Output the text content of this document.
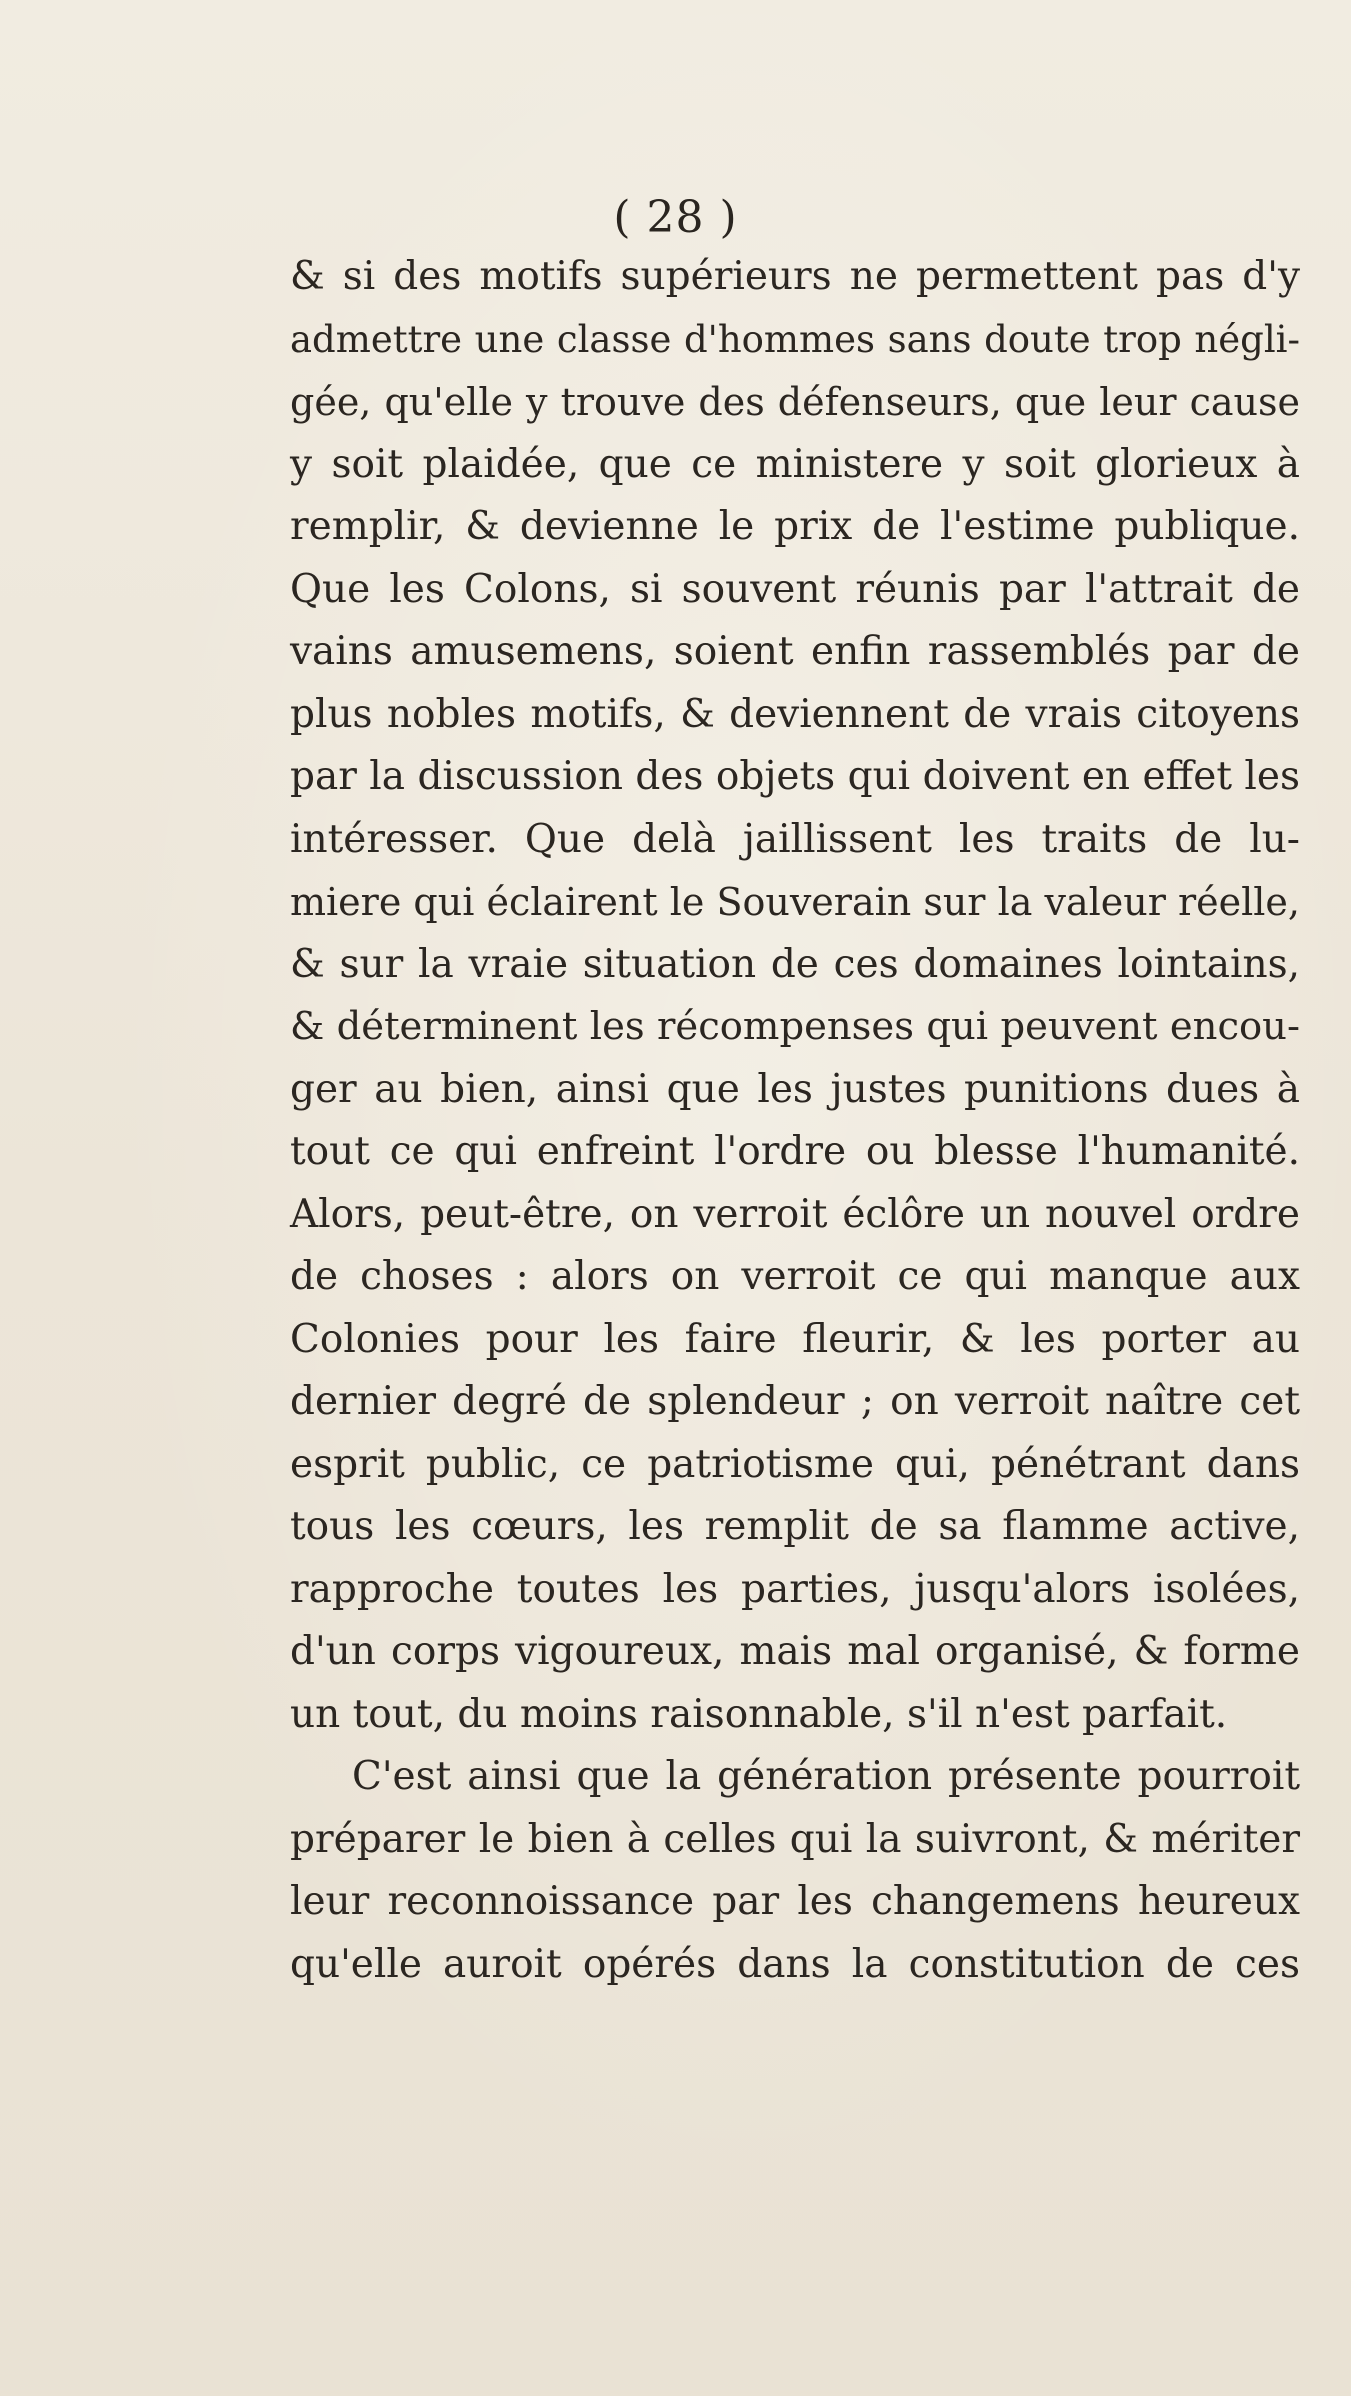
( 28 )
& si des motifs supérieurs ne permettent pas d'y
admettre une classe d'hommes sans doute trop négli-
gée, qu'elle y trouve des défenseurs, que leur cause
y soit plaidée, que ce ministere y soit glorieux à
remplir, & devienne le prix de l'estime publique.
Que les Colons, si souvent réunis par l'attrait de
vains amusemens, soient enfin rassemblés par de
plus nobles motifs, & deviennent de vrais citoyens
par la discussion des objets qui doivent en effet les
intéresser. Que delà jaillissent les traits de lu-
miere qui éclairent le Souverain sur la valeur réelle,
& sur la vraie situation de ces domaines lointains,
& déterminent les récompenses qui peuvent encou-
ger au bien, ainsi que les justes punitions dues à
tout ce qui enfreint l'ordre ou blesse l'humanité.
Alors, peut-être, on verroit éclôre un nouvel ordre
de choses : alors on verroit ce qui manque aux
Colonies pour les faire fleurir, & les porter au
dernier degré de splendeur ; on verroit naître cet
esprit public, ce patriotisme qui, pénétrant dans
tous les cœurs, les remplit de sa flamme active,
rapproche toutes les parties, jusqu'alors isolées,
d'un corps vigoureux, mais mal organisé, & forme
un tout, du moins raisonnable, s'il n'est parfait.
C'est ainsi que la génération présente pourroit
préparer le bien à celles qui la suivront, & mériter
leur reconnoissance par les changemens heureux
qu'elle auroit opérés dans la constitution de ces
